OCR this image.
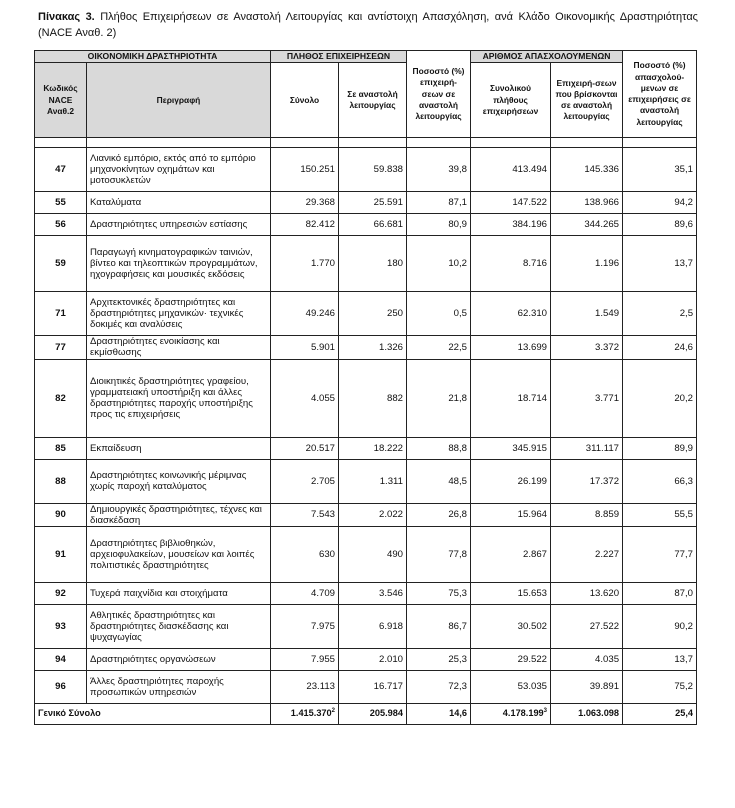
Πίνακας 3. Πλήθος Επιχειρήσεων σε Αναστολή Λειτουργίας και αντίστοιχη Απασχόληση, ανά Κλάδο Οικονομικής Δραστηριότητας (NACE Αναθ. 2)
ΟΙΚΟΝΟΜΙΚΗ ΔΡΑΣΤΗΡΙΟΤΗΤΑ		ΠΛΗΘΟΣ ΕΠΙΧΕΙΡΗΣΕΩΝ		Ποσοστό (%) επιχειρή-σεων σε αναστολή λειτουργίας	ΑΡΙΘΜΟΣ ΑΠΑΣΧΟΛΟΥΜΕΝΩΝ		Ποσοστό (%) απασχολού-μενων σε επιχειρήσεις σε αναστολή λειτουργίας
Κωδικός NACE Αναθ.2	Περιγραφή	Σύνολο	Σε αναστολή λειτουργίας		Συνολικού πλήθους επιχειρήσεων	Επιχειρή-σεων που βρίσκονται σε αναστολή λειτουργίας	

47	Λιανικό εμπόριο, εκτός από το εμπόριο μηχανοκίνητων οχημάτων και μοτοσυκλετών	150.251	59.838	39,8	413.494	145.336	35,1
55	Καταλύματα	29.368	25.591	87,1	147.522	138.966	94,2
56	Δραστηριότητες υπηρεσιών εστίασης	82.412	66.681	80,9	384.196	344.265	89,6
59	Παραγωγή κινηματογραφικών ταινιών, βίντεο και τηλεοπτικών προγραμμάτων, ηχογραφήσεις και μουσικές εκδόσεις	1.770	180	10,2	8.716	1.196	13,7
71	Αρχιτεκτονικές δραστηριότητες και δραστηριότητες μηχανικών· τεχνικές δοκιμές και αναλύσεις	49.246	250	0,5	62.310	1.549	2,5
77	Δραστηριότητες ενοικίασης και εκμίσθωσης	5.901	1.326	22,5	13.699	3.372	24,6
82	Διοικητικές δραστηριότητες γραφείου, γραμματειακή υποστήριξη και άλλες δραστηριότητες παροχής υποστήριξης προς τις επιχειρήσεις	4.055	882	21,8	18.714	3.771	20,2
85	Εκπαίδευση	20.517	18.222	88,8	345.915	311.117	89,9
88	Δραστηριότητες κοινωνικής μέριμνας χωρίς παροχή καταλύματος	2.705	1.311	48,5	26.199	17.372	66,3
90	Δημιουργικές δραστηριότητες, τέχνες και διασκέδαση	7.543	2.022	26,8	15.964	8.859	55,5
91	Δραστηριότητες βιβλιοθηκών, αρχειοφυλακείων, μουσείων και λοιπές πολιτιστικές δραστηριότητες	630	490	77,8	2.867	2.227	77,7
92	Τυχερά παιχνίδια και στοιχήματα	4.709	3.546	75,3	15.653	13.620	87,0
93	Αθλητικές δραστηριότητες και δραστηριότητες διασκέδασης και ψυχαγωγίας	7.975	6.918	86,7	30.502	27.522	90,2
94	Δραστηριότητες οργανώσεων	7.955	2.010	25,3	29.522	4.035	13,7
96	Άλλες δραστηριότητες παροχής προσωπικών υπηρεσιών	23.113	16.717	72,3	53.035	39.891	75,2
Γενικό Σύνολο		1.415.370$^2$	205.984	14,6	4.178.199$^3$	1.063.098	25,4
